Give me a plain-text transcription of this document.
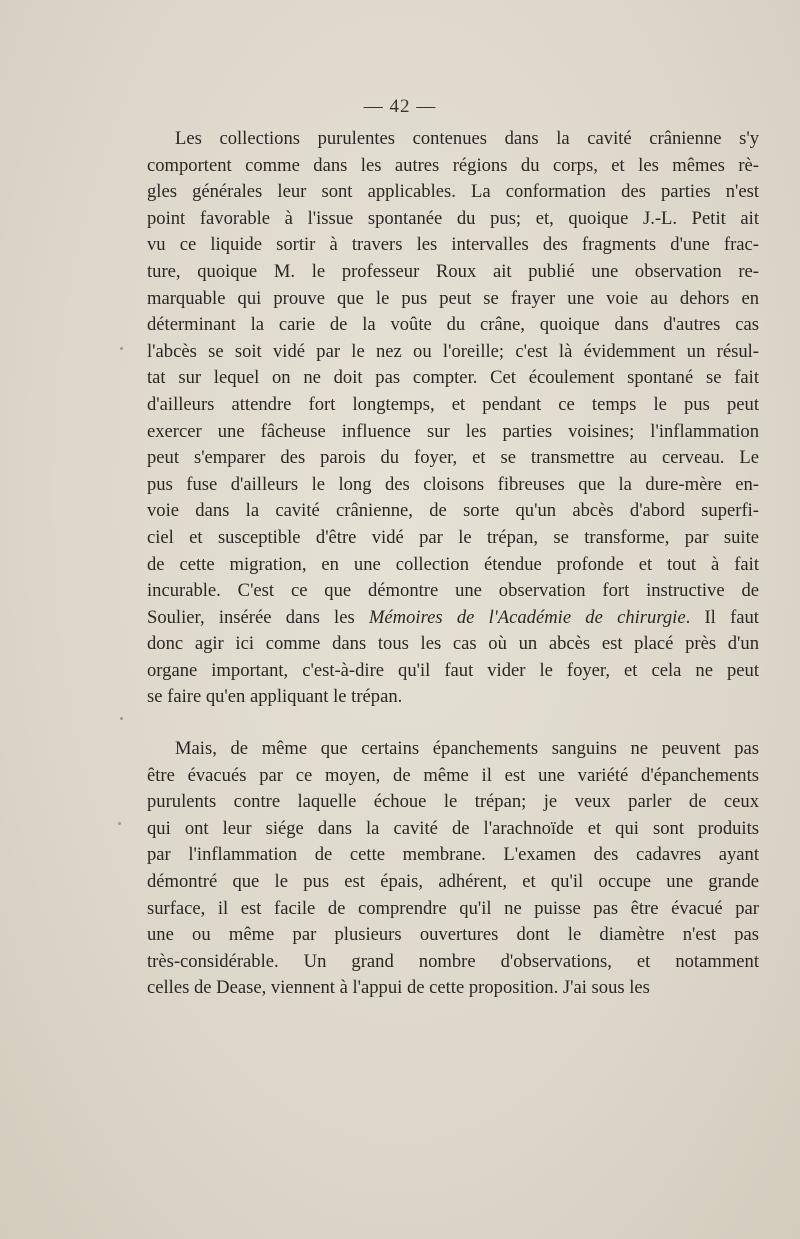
— 42 —

Les collections purulentes contenues dans la cavité crânienne s'y
comportent comme dans les autres régions du corps, et les mêmes rè-
gles générales leur sont applicables. La conformation des parties n'est
point favorable à l'issue spontanée du pus; et, quoique J.-L. Petit ait
vu ce liquide sortir à travers les intervalles des fragments d'une frac-
ture, quoique M. le professeur Roux ait publié une observation re-
marquable qui prouve que le pus peut se frayer une voie au dehors en
déterminant la carie de la voûte du crâne, quoique dans d'autres cas
l'abcès se soit vidé par le nez ou l'oreille; c'est là évidemment un résul-
tat sur lequel on ne doit pas compter. Cet écoulement spontané se fait
d'ailleurs attendre fort longtemps, et pendant ce temps le pus peut
exercer une fâcheuse influence sur les parties voisines; l'inflammation
peut s'emparer des parois du foyer, et se transmettre au cerveau. Le
pus fuse d'ailleurs le long des cloisons fibreuses que la dure-mère en-
voie dans la cavité crânienne, de sorte qu'un abcès d'abord superfi-
ciel et susceptible d'être vidé par le trépan, se transforme, par suite
de cette migration, en une collection étendue profonde et tout à fait
incurable. C'est ce que démontre une observation fort instructive de
Soulier, insérée dans les Mémoires de l'Académie de chirurgie. Il faut
donc agir ici comme dans tous les cas où un abcès est placé près d'un
organe important, c'est-à-dire qu'il faut vider le foyer, et cela ne peut
se faire qu'en appliquant le trépan.

Mais, de même que certains épanchements sanguins ne peuvent pas
être évacués par ce moyen, de même il est une variété d'épanchements
purulents contre laquelle échoue le trépan; je veux parler de ceux
qui ont leur siége dans la cavité de l'arachnoïde et qui sont produits
par l'inflammation de cette membrane. L'examen des cadavres ayant
démontré que le pus est épais, adhérent, et qu'il occupe une grande
surface, il est facile de comprendre qu'il ne puisse pas être évacué par
une ou même par plusieurs ouvertures dont le diamètre n'est pas
très-considérable. Un grand nombre d'observations, et notamment
celles de Dease, viennent à l'appui de cette proposition. J'ai sous les
